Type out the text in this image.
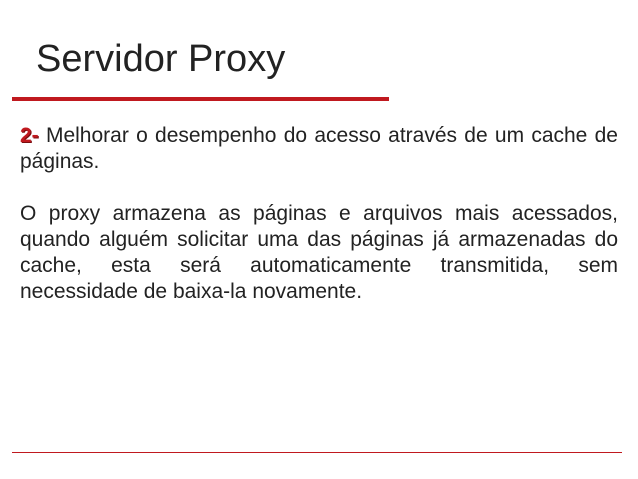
Servidor Proxy

2- Melhorar o desempenho do acesso através de um cache de páginas.

O proxy armazena as páginas e arquivos mais acessados, quando alguém solicitar uma das páginas já armazenadas do cache, esta será automaticamente transmitida, sem necessidade de baixa-la novamente.
